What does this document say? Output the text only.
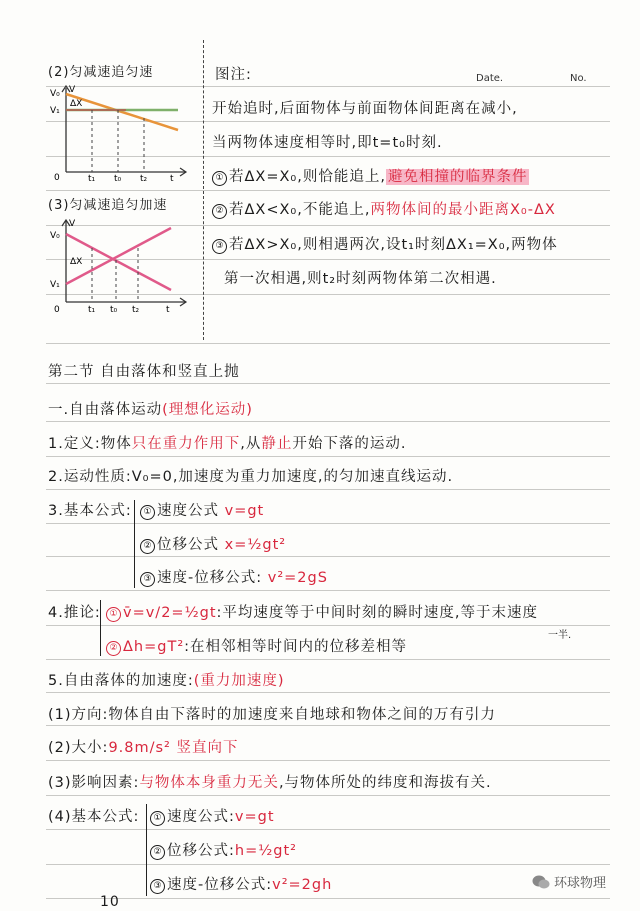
图注:	Date.	No.
(2)匀减速追匀速
V
V₀
V₁
ΔX
0	t₁ t₀ t₂	t
(3)匀减速追匀加速
V
V₀
V₁
ΔX
0	t₁ t₀ t₂	t
开始追时,后面物体与前面物体间距离在减小,
当两物体速度相等时,即t=t₀时刻.
① 若ΔX=X₀,则恰能追上, 避免相撞的临界条件
② 若ΔX<X₀,不能追上,两物体间的最小距离X₀-ΔX
③ 若ΔX>X₀,则相遇两次,设t₁时刻ΔX₁=X₀,两物体
第一次相遇,则t₂时刻两物体第二次相遇.
第二节 自由落体和竖直上抛
一.自由落体运动(理想化运动)
1.定义:物体只在重力作用下,从静止开始下落的运动.
2.运动性质:V₀=0,加速度为重力加速度,的匀加速直线运动.
3.基本公式:	① 速度公式 v=gt
② 位移公式 x=½gt²
③ 速度-位移公式: v²=2gS
4.推论: ① v̄=v/2=½gt:平均速度等于中间时刻的瞬时速度,等于末速度
一半.
② Δh=gT²:在相邻相等时间内的位移差相等
5.自由落体的加速度:(重力加速度)
(1)方向:物体自由下落时的加速度来自地球和物体之间的万有引力
(2)大小:9.8m/s² 竖直向下
(3)影响因素:与物体本身重力无关,与物体所处的纬度和海拔有关.
(4)基本公式:	① 速度公式:v=gt
② 位移公式:h=½gt²
③ 速度-位移公式:v²=2gh
10
环球物理
